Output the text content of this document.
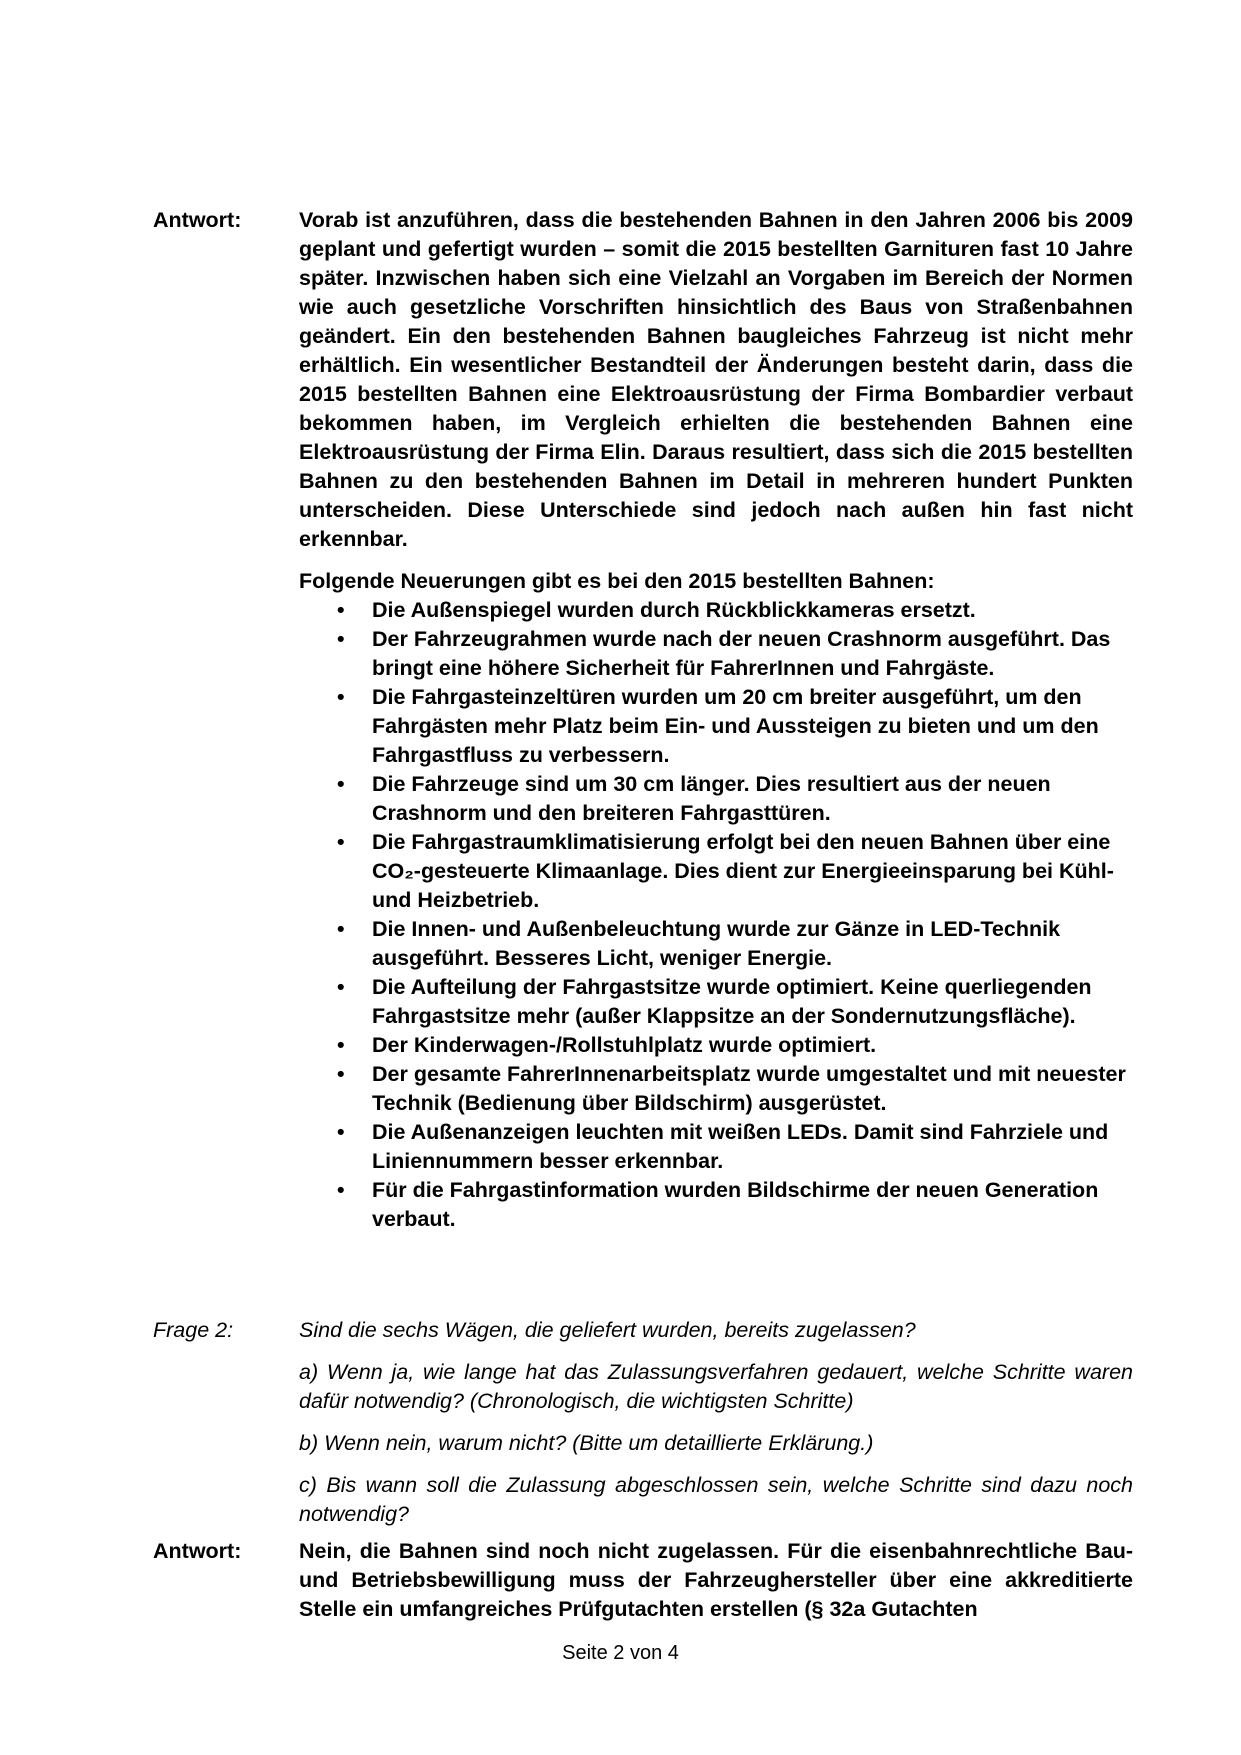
Antwort:	Vorab ist anzuführen, dass die bestehenden Bahnen in den Jahren 2006 bis 2009 geplant und gefertigt wurden – somit die 2015 bestellten Garnituren fast 10 Jahre später. Inzwischen haben sich eine Vielzahl an Vorgaben im Bereich der Normen wie auch gesetzliche Vorschriften hinsichtlich des Baus von Straßenbahnen geändert. Ein den bestehenden Bahnen baugleiches Fahrzeug ist nicht mehr erhältlich. Ein wesentlicher Bestandteil der Änderungen besteht darin, dass die 2015 bestellten Bahnen eine Elektroausrüstung der Firma Bombardier verbaut bekommen haben, im Vergleich erhielten die bestehenden Bahnen eine Elektroausrüstung der Firma Elin. Daraus resultiert, dass sich die 2015 bestellten Bahnen zu den bestehenden Bahnen im Detail in mehreren hundert Punkten unterscheiden. Diese Unterschiede sind jedoch nach außen hin fast nicht erkennbar.

Folgende Neuerungen gibt es bei den 2015 bestellten Bahnen:

• Die Außenspiegel wurden durch Rückblickkameras ersetzt.
• Der Fahrzeugrahmen wurde nach der neuen Crashnorm ausgeführt. Das bringt eine höhere Sicherheit für FahrerInnen und Fahrgäste.
• Die Fahrgasteinzeltüren wurden um 20 cm breiter ausgeführt, um den Fahrgästen mehr Platz beim Ein- und Aussteigen zu bieten und um den Fahrgastfluss zu verbessern.
• Die Fahrzeuge sind um 30 cm länger. Dies resultiert aus der neuen Crashnorm und den breiteren Fahrgasttüren.
• Die Fahrgastraumklimatisierung erfolgt bei den neuen Bahnen über eine CO₂-gesteuerte Klimaanlage. Dies dient zur Energieeinsparung bei Kühl- und Heizbetrieb.
• Die Innen- und Außenbeleuchtung wurde zur Gänze in LED-Technik ausgeführt. Besseres Licht, weniger Energie.
• Die Aufteilung der Fahrgastsitze wurde optimiert. Keine querliegenden Fahrgastsitze mehr (außer Klappsitze an der Sondernutzungsfläche).
• Der Kinderwagen-/Rollstuhlplatz wurde optimiert.
• Der gesamte FahrerInnenarbeitsplatz wurde umgestaltet und mit neuester Technik (Bedienung über Bildschirm) ausgerüstet.
• Die Außenanzeigen leuchten mit weißen LEDs. Damit sind Fahrziele und Liniennummern besser erkennbar.
• Für die Fahrgastinformation wurden Bildschirme der neuen Generation verbaut.
Frage 2:	Sind die sechs Wägen, die geliefert wurden, bereits zugelassen?

a) Wenn ja, wie lange hat das Zulassungsverfahren gedauert, welche Schritte waren dafür notwendig? (Chronologisch, die wichtigsten Schritte)

b) Wenn nein, warum nicht? (Bitte um detaillierte Erklärung.)

c) Bis wann soll die Zulassung abgeschlossen sein, welche Schritte sind dazu noch notwendig?

Antwort:	Nein, die Bahnen sind noch nicht zugelassen. Für die eisenbahnrechtliche Bau- und Betriebsbewilligung muss der Fahrzeughersteller über eine akkreditierte Stelle ein umfangreiches Prüfgutachten erstellen (§ 32a Gutachten

Seite 2 von 4
